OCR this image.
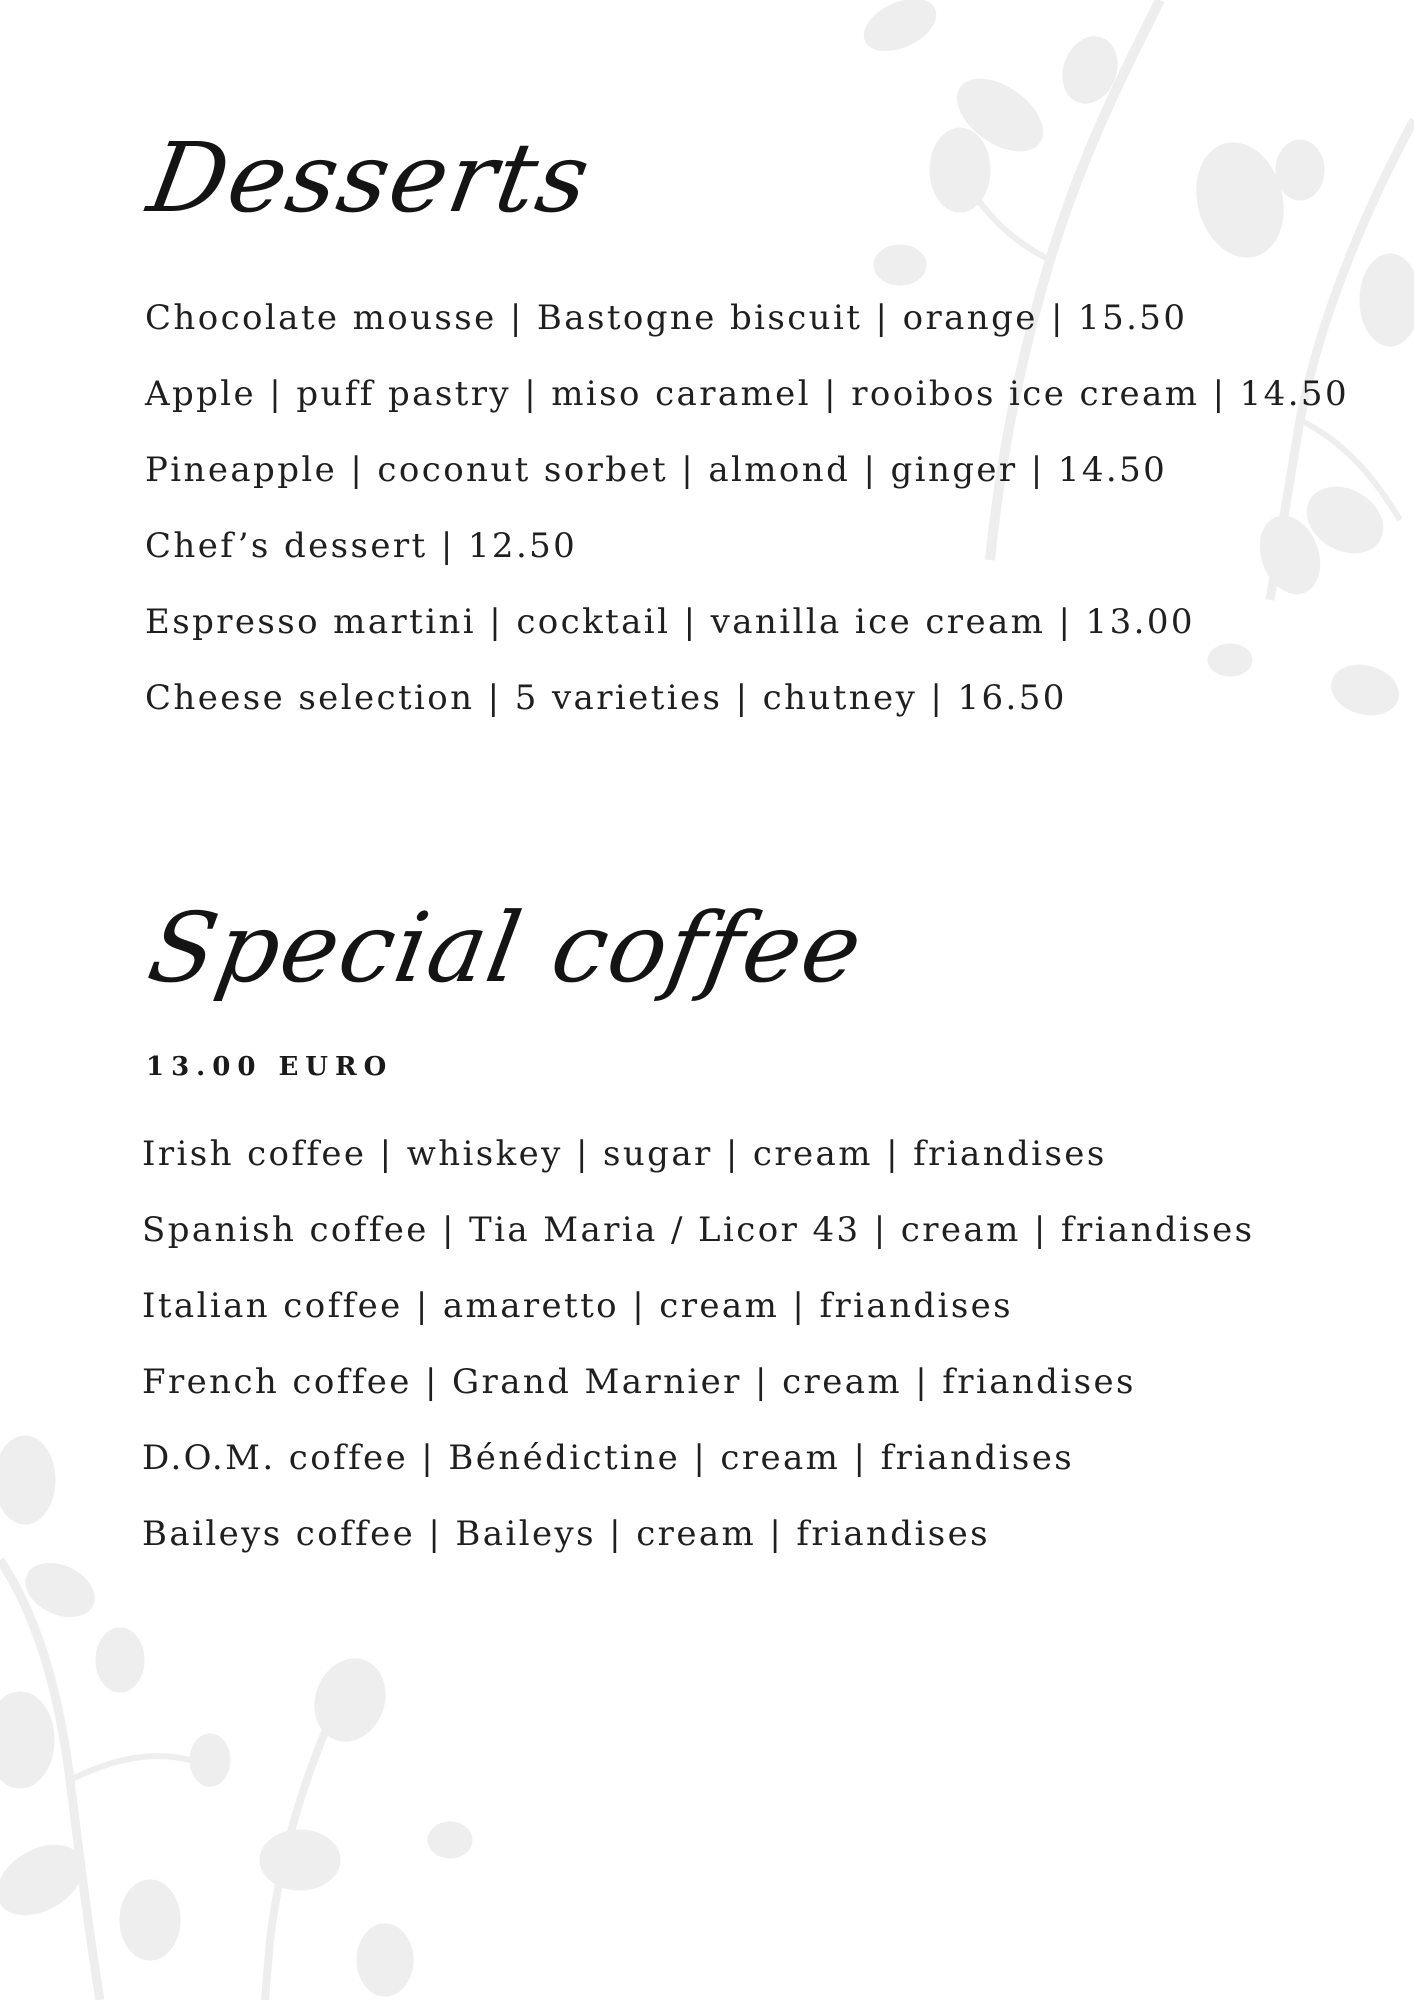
Desserts
Chocolate mousse | Bastogne biscuit | orange | 15.50
Apple | puff pastry | miso caramel | rooibos ice cream | 14.50
Pineapple | coconut sorbet | almond | ginger | 14.50
Chef’s dessert | 12.50
Espresso martini | cocktail | vanilla ice cream | 13.00
Cheese selection | 5 varieties | chutney | 16.50
Special coffee

13.00 EURO

Irish coffee | whiskey | sugar | cream | friandises
Spanish coffee | Tia Maria / Licor 43 | cream | friandises
Italian coffee | amaretto | cream | friandises
French coffee | Grand Marnier | cream | friandises
D.O.M. coffee | Bénédictine | cream | friandises
Baileys coffee | Baileys | cream | friandises
